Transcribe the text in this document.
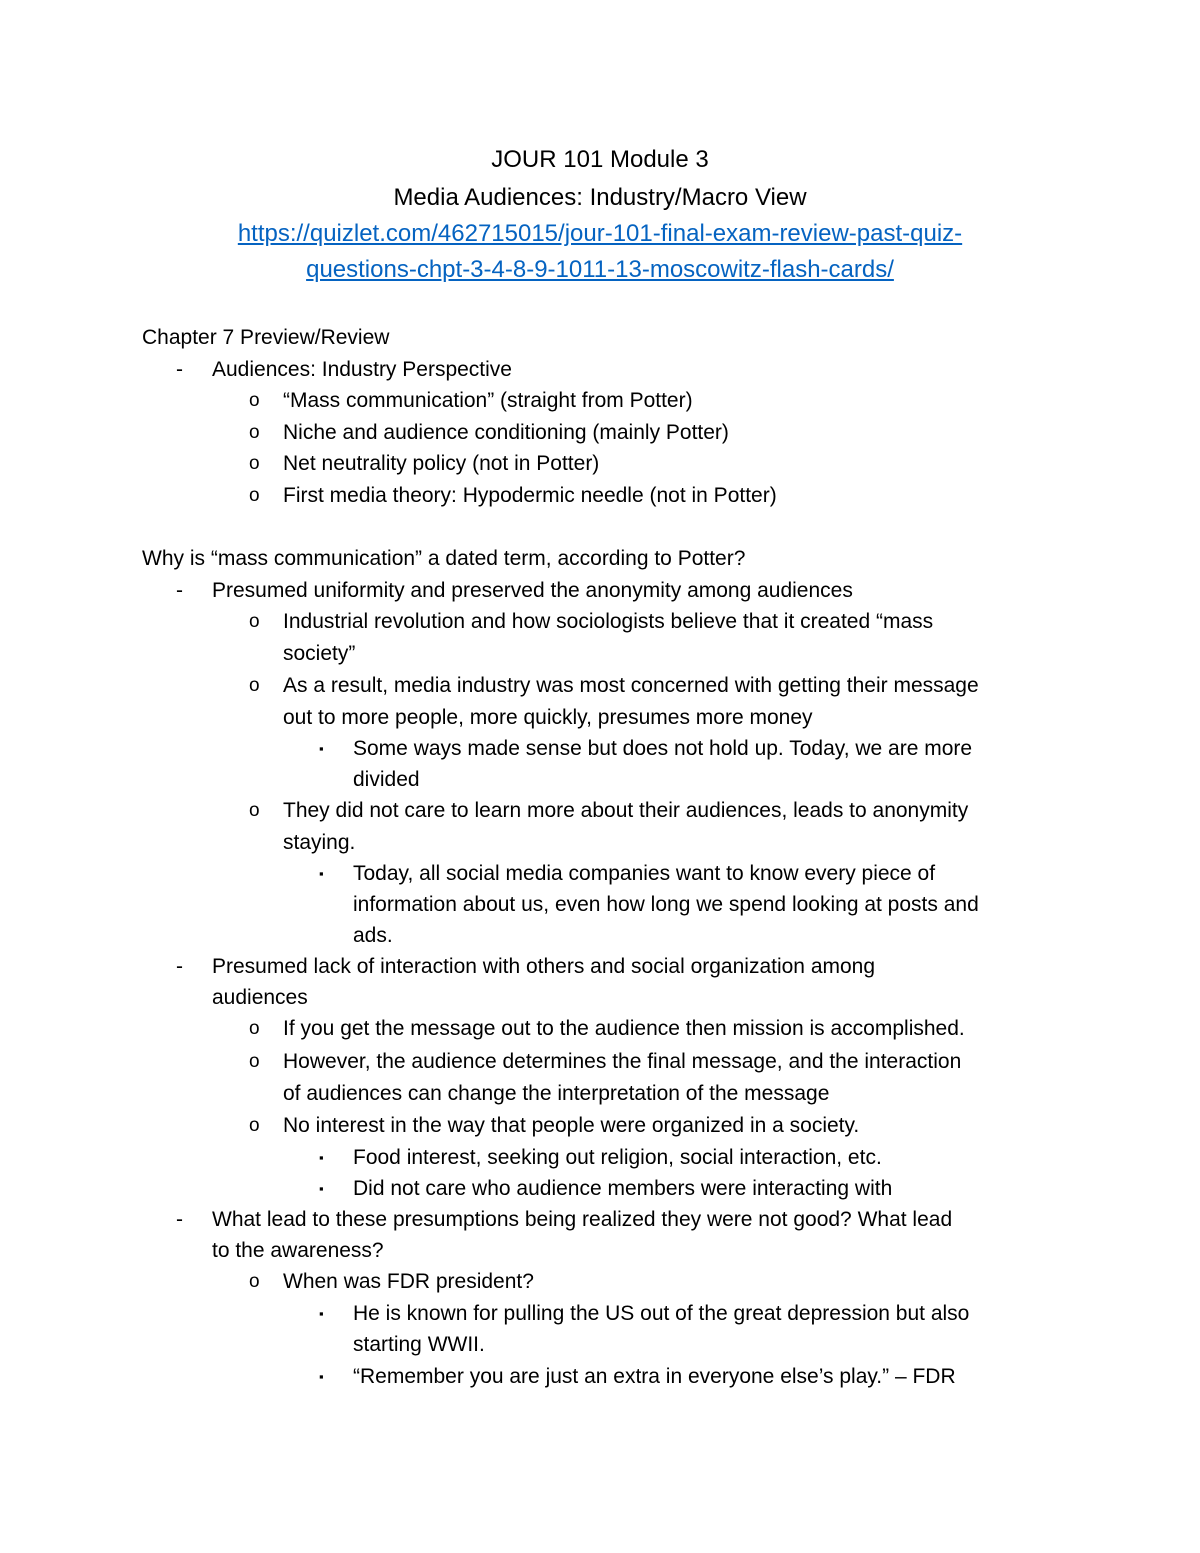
JOUR 101 Module 3
Media Audiences: Industry/Macro View
https://quizlet.com/462715015/jour-101-final-exam-review-past-quiz-
questions-chpt-3-4-8-9-1011-13-moscowitz-flash-cards/
Chapter 7 Preview/Review
- Audiences: Industry Perspective
o “Mass communication” (straight from Potter)
o Niche and audience conditioning (mainly Potter)
o Net neutrality policy (not in Potter)
o First media theory: Hypodermic needle (not in Potter)
Why is “mass communication” a dated term, according to Potter?
- Presumed uniformity and preserved the anonymity among audiences
o Industrial revolution and how sociologists believe that it created “mass
society”
o As a result, media industry was most concerned with getting their message
out to more people, more quickly, presumes more money
▪ Some ways made sense but does not hold up. Today, we are more
divided
o They did not care to learn more about their audiences, leads to anonymity
staying.
▪ Today, all social media companies want to know every piece of
information about us, even how long we spend looking at posts and
ads.
- Presumed lack of interaction with others and social organization among
audiences
o If you get the message out to the audience then mission is accomplished.
o However, the audience determines the final message, and the interaction
of audiences can change the interpretation of the message
o No interest in the way that people were organized in a society.
▪ Food interest, seeking out religion, social interaction, etc.
▪ Did not care who audience members were interacting with
- What lead to these presumptions being realized they were not good? What lead
to the awareness?
o When was FDR president?
▪ He is known for pulling the US out of the great depression but also
starting WWII.
▪ “Remember you are just an extra in everyone else’s play.” – FDR
